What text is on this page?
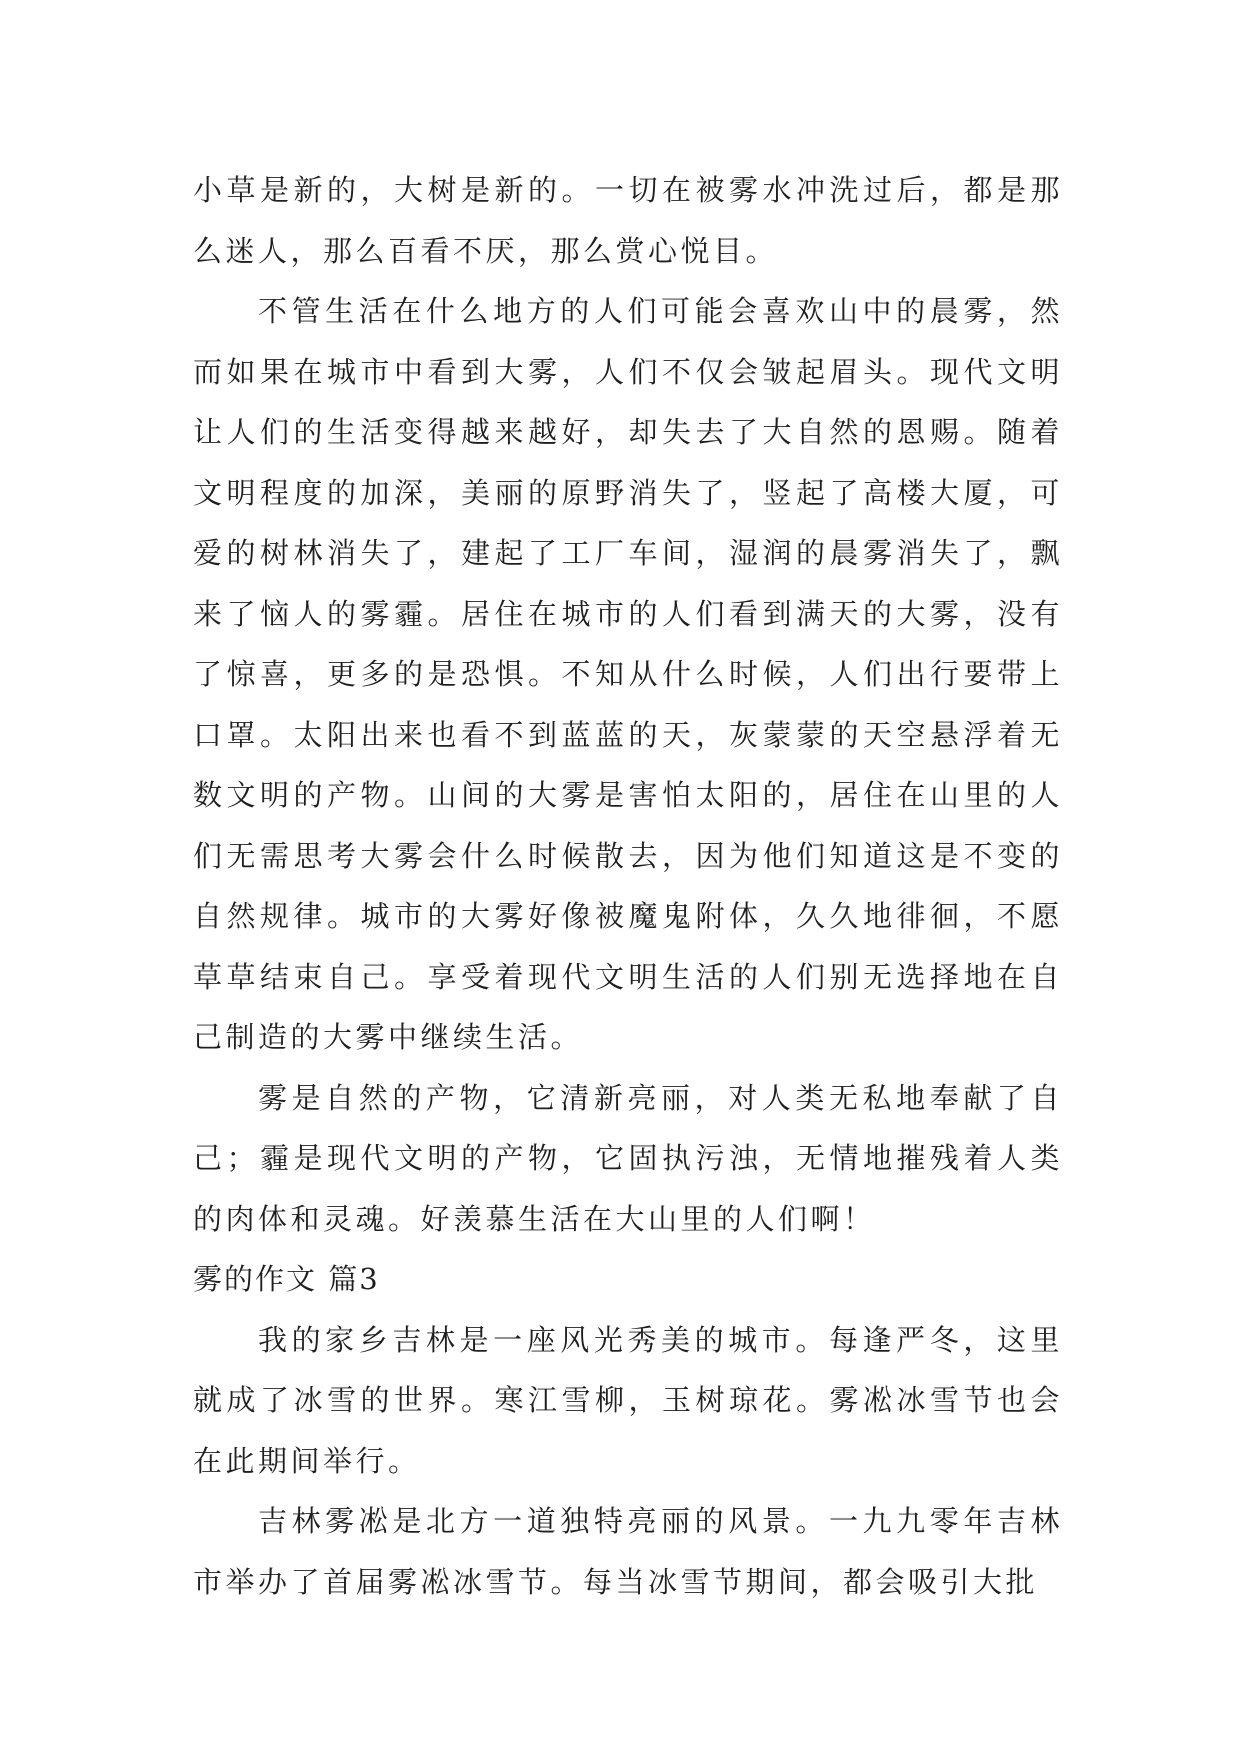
小草是新的，大树是新的。一切在被雾水冲洗过后，都是那么迷人，那么百看不厌，那么赏心悦目。

不管生活在什么地方的人们可能会喜欢山中的晨雾，然而如果在城市中看到大雾，人们不仅会皱起眉头。现代文明让人们的生活变得越来越好，却失去了大自然的恩赐。随着文明程度的加深，美丽的原野消失了，竖起了高楼大厦，可爱的树林消失了，建起了工厂车间，湿润的晨雾消失了，飘来了恼人的雾霾。居住在城市的人们看到满天的大雾，没有了惊喜，更多的是恐惧。不知从什么时候，人们出行要带上口罩。太阳出来也看不到蓝蓝的天，灰蒙蒙的天空悬浮着无数文明的产物。山间的大雾是害怕太阳的，居住在山里的人们无需思考大雾会什么时候散去，因为他们知道这是不变的自然规律。城市的大雾好像被魔鬼附体，久久地徘徊，不愿草草结束自己。享受着现代文明生活的人们别无选择地在自己制造的大雾中继续生活。

雾是自然的产物，它清新亮丽，对人类无私地奉献了自己；霾是现代文明的产物，它固执污浊，无情地摧残着人类的肉体和灵魂。好羡慕生活在大山里的人们啊！

雾的作文 篇3

我的家乡吉林是一座风光秀美的城市。每逢严冬，这里就成了冰雪的世界。寒江雪柳，玉树琼花。雾凇冰雪节也会在此期间举行。

吉林雾凇是北方一道独特亮丽的风景。一九九零年吉林市举办了首届雾凇冰雪节。每当冰雪节期间，都会吸引大批
